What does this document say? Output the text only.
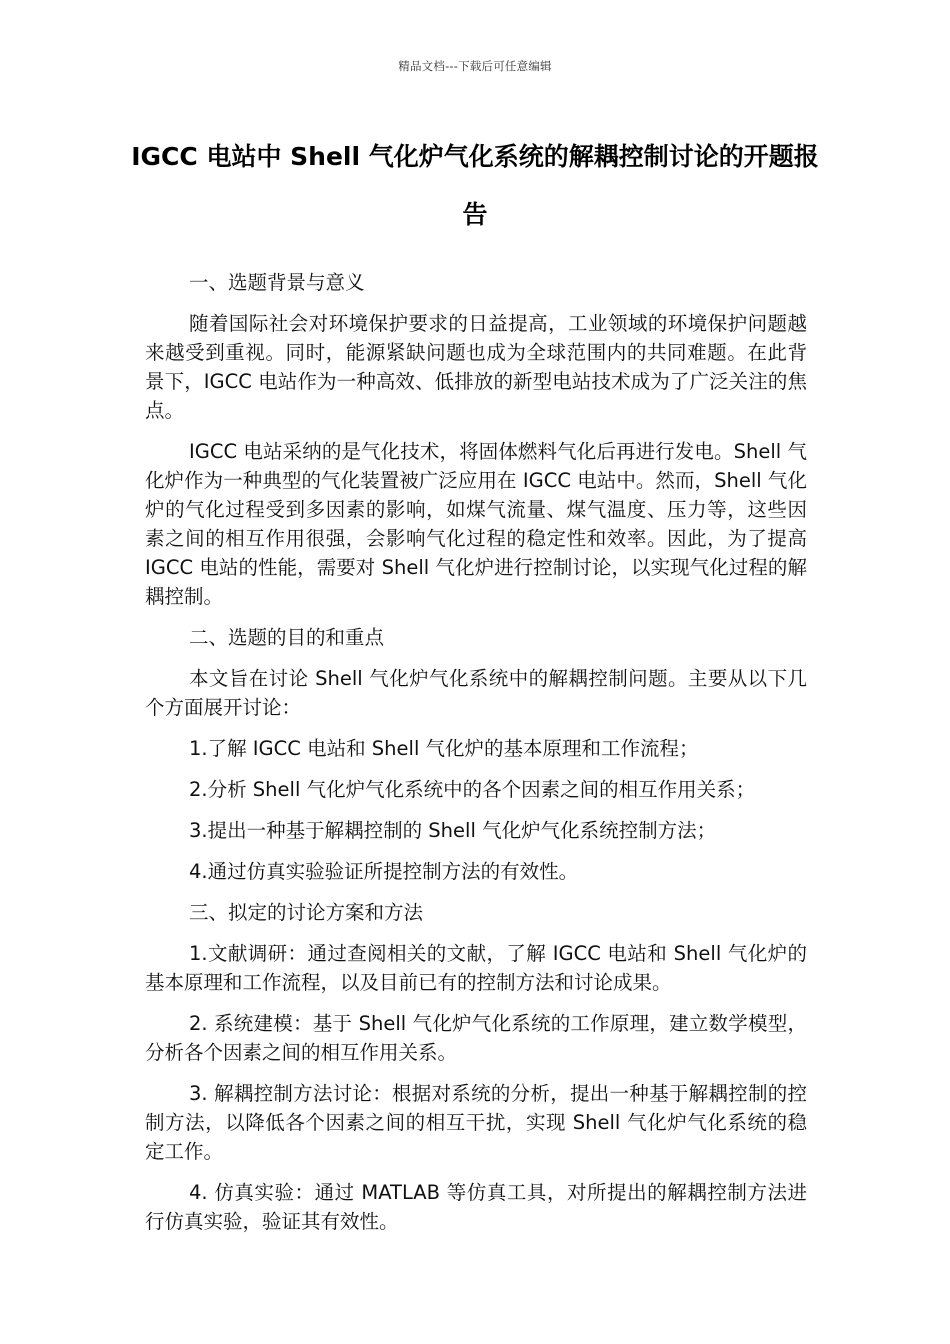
精品文档---下载后可任意编辑
IGCC 电站中 Shell 气化炉气化系统的解耦控制讨论的开题报告

一、选题背景与意义

随着国际社会对环境保护要求的日益提高，工业领域的环境保护问题越来越受到重视。同时，能源紧缺问题也成为全球范围内的共同难题。在此背景下，IGCC 电站作为一种高效、低排放的新型电站技术成为了广泛关注的焦点。

IGCC 电站采纳的是气化技术，将固体燃料气化后再进行发电。Shell 气化炉作为一种典型的气化装置被广泛应用在 IGCC 电站中。然而，Shell 气化炉的气化过程受到多因素的影响，如煤气流量、煤气温度、压力等，这些因素之间的相互作用很强，会影响气化过程的稳定性和效率。因此，为了提高 IGCC 电站的性能，需要对 Shell 气化炉进行控制讨论，以实现气化过程的解耦控制。

二、选题的目的和重点

本文旨在讨论 Shell 气化炉气化系统中的解耦控制问题。主要从以下几个方面展开讨论：

1.了解 IGCC 电站和 Shell 气化炉的基本原理和工作流程；

2.分析 Shell 气化炉气化系统中的各个因素之间的相互作用关系；

3.提出一种基于解耦控制的 Shell 气化炉气化系统控制方法；

4.通过仿真实验验证所提控制方法的有效性。

三、拟定的讨论方案和方法

1.文献调研：通过查阅相关的文献，了解 IGCC 电站和 Shell 气化炉的基本原理和工作流程，以及目前已有的控制方法和讨论成果。

2. 系统建模：基于 Shell 气化炉气化系统的工作原理，建立数学模型，分析各个因素之间的相互作用关系。

3. 解耦控制方法讨论：根据对系统的分析，提出一种基于解耦控制的控制方法，以降低各个因素之间的相互干扰，实现 Shell 气化炉气化系统的稳定工作。

4. 仿真实验：通过 MATLAB 等仿真工具，对所提出的解耦控制方法进行仿真实验，验证其有效性。
